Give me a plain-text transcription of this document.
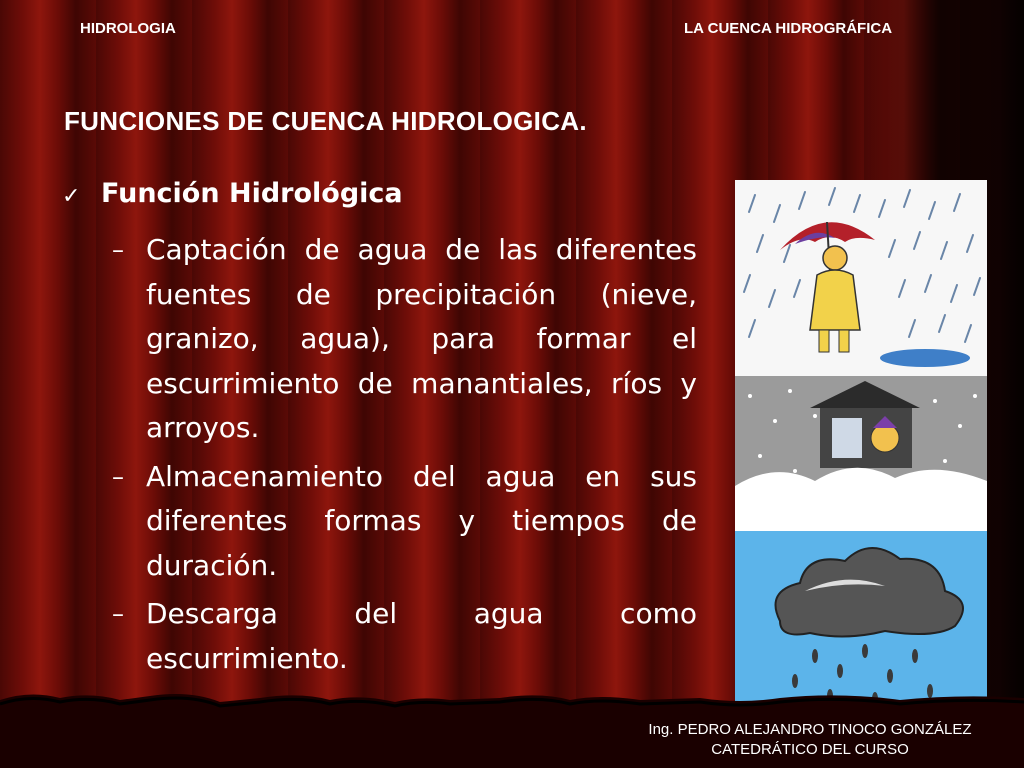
HIDROLOGIA	LA CUENCA HIDROGRÁFICA
FUNCIONES DE CUENCA HIDROLOGICA.
✓ Función Hidrológica
– Captación de agua de las diferentes fuentes de precipitación (nieve, granizo, agua), para formar el escurrimiento de manantiales, ríos y arroyos.
– Almacenamiento del agua en sus diferentes formas y tiempos de duración.
– Descarga del agua como escurrimiento.
Ing. PEDRO ALEJANDRO TINOCO GONZÁLEZ
CATEDRÁTICO DEL CURSO
